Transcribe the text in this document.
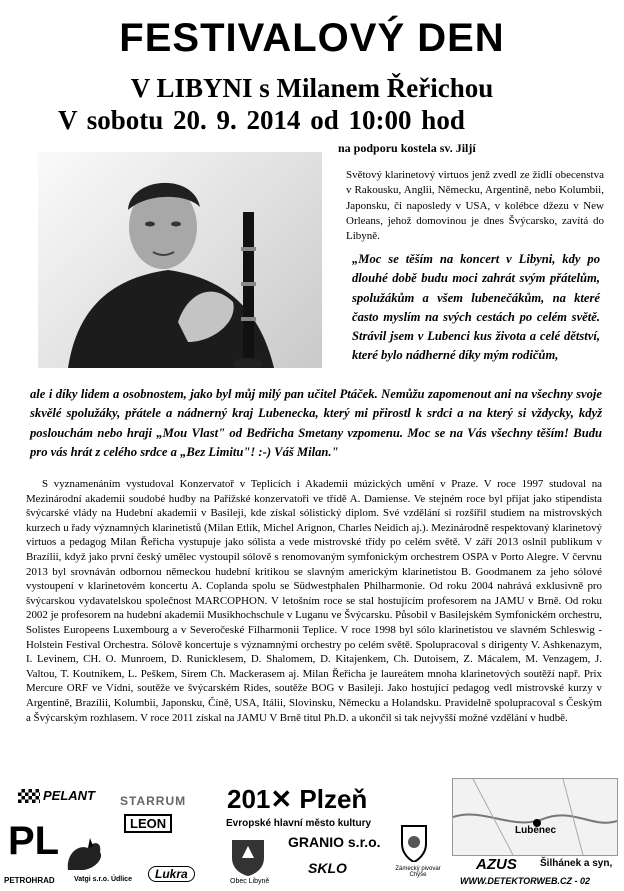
FESTIVALOVÝ DEN
V LIBYNI s Milanem Řeřichou
V sobotu 20. 9. 2014 od 10:00 hod
na podporu kostela sv. Jiljí
Světový klarinetový virtuos jenž zvedl ze židlí obecenstva v Rakousku, Anglii, Německu, Argentině, nebo Kolumbii, Japonsku, či naposledy v USA, v kolébce džezu v New Orleans, jehož domovinou je dnes Švýcarsko, zavítá do Libyně.
„Moc se těším na koncert v Libyni, kdy po dlouhé době budu moci zahrát svým přátelům, spolužákům a všem lubenečákům, na které často myslím na svých cestách po celém světě. Strávil jsem v Lubenci kus života a celé dětství, které bylo nádherné díky mým rodičům,
ale i díky lidem a osobnostem, jako byl můj milý pan učitel Ptáček. Nemůžu zapomenout ani na všechny svoje skvělé spolužáky, přátele a nádnerný kraj Lubenecka, který mi přirostl k srdci a na který si vždycky, když poslouchám nebo hraji „Mou Vlast" od Bedřicha Smetany vzpomenu. Moc se na Vás všechny těším! Budu pro vás hrát z celého srdce a „Bez Limitu"! :-) Váš Milan."
S vyznamenáním vystudoval Konzervatoř v Teplicích i Akademii múzických umění v Praze. V roce 1997 studoval na Mezinárodní akademii soudobé hudby na Pařížské konzervatoři ve třídě A. Damiense. Ve stejném roce byl přijat jako stipendista švýcarské vlády na Hudební akademii v Basileji, kde získal sólistický diplom. Své vzdělání si rozšířil studiem na mistrovských kurzech u řady významných klarinetistů (Milan Etlík, Michel Arignon, Charles Neidich aj.). Mezinárodně respektovaný klarinetový virtuos a pedagog Milan Řeřicha vystupuje jako sólista a vede mistrovské třídy po celém světě. V září 2013 oslnil publikum v Brazílii, když jako první český umělec vystoupil sólově s renomovaným symfonickým orchestrem OSPA v Porto Alegre. V červnu 2013 byl srovnáván odbornou německou hudební kritikou se slavným americkým klarinetistou B. Goodmanem za jeho sólové vystoupení v klarinetovém koncertu A. Coplanda spolu se Südwestphalen Philharmonie. Od roku 2004 nahrává exklusivně pro švýcarskou vydavatelskou společnost MARCOPHON. V letošním roce se stal hostujícím profesorem na JAMU v Brně. Od roku 2002 je profesorem na hudební akademii Musikhochschule v Luganu ve Švýcarsku. Působil v Basilejském Symfonickém orchestru, Solistes Europeens Luxembourg a v Severočeské Filharmonii Teplice. V roce 1998 byl sólo klarinetistou ve slavném Schleswig - Holstein Festival Orchestra. Sólově koncertuje s významnými orchestry po celém světě. Spolupracoval s dirigenty V. Ashkenazym, I. Levinem, CH. O. Munroem, D. Runicklesem, D. Shalomem, D. Kitajenkem, Ch. Dutoisem, Z. Mácalem, M. Venzagem, J. Valtou, T. Koutníkem, L. Peškem, Sirem Ch. Mackerasem aj. Milan Řeřicha je laureátem mnoha klarinetových soutěží např. Prix Mercure ORF ve Vídni, soutěže ve švýcarském Rides, soutěže BOG v Basileji. Jako hostující pedagog vedl mistrovské kurzy v Argentině, Brazílii, Kolumbii, Japonsku, Číně, USA, Itálii, Slovinsku, Německu a Holandsku. Pravidelně spolupracoval s Českým a Švýcarským rozhlasem. V roce 2011 získal na JAMU V Brně titul Ph.D. a ukončil si tak nejvyšší možné vzdělání v hudbě.
PELANT STARRUM
LEON
201✕ Plzeň
Evropské hlavní město kultury
PL
PETROHRAD	Vatgi s.r.o. Údlice	Lukra
Obec Libyně
GRANIO s.r.o.
SKLO	Zámecký pivovar Chýše
Lubenec
AZUS Šilhánek a syn,
WWW.DETEKTORWEB.CZ - 02
